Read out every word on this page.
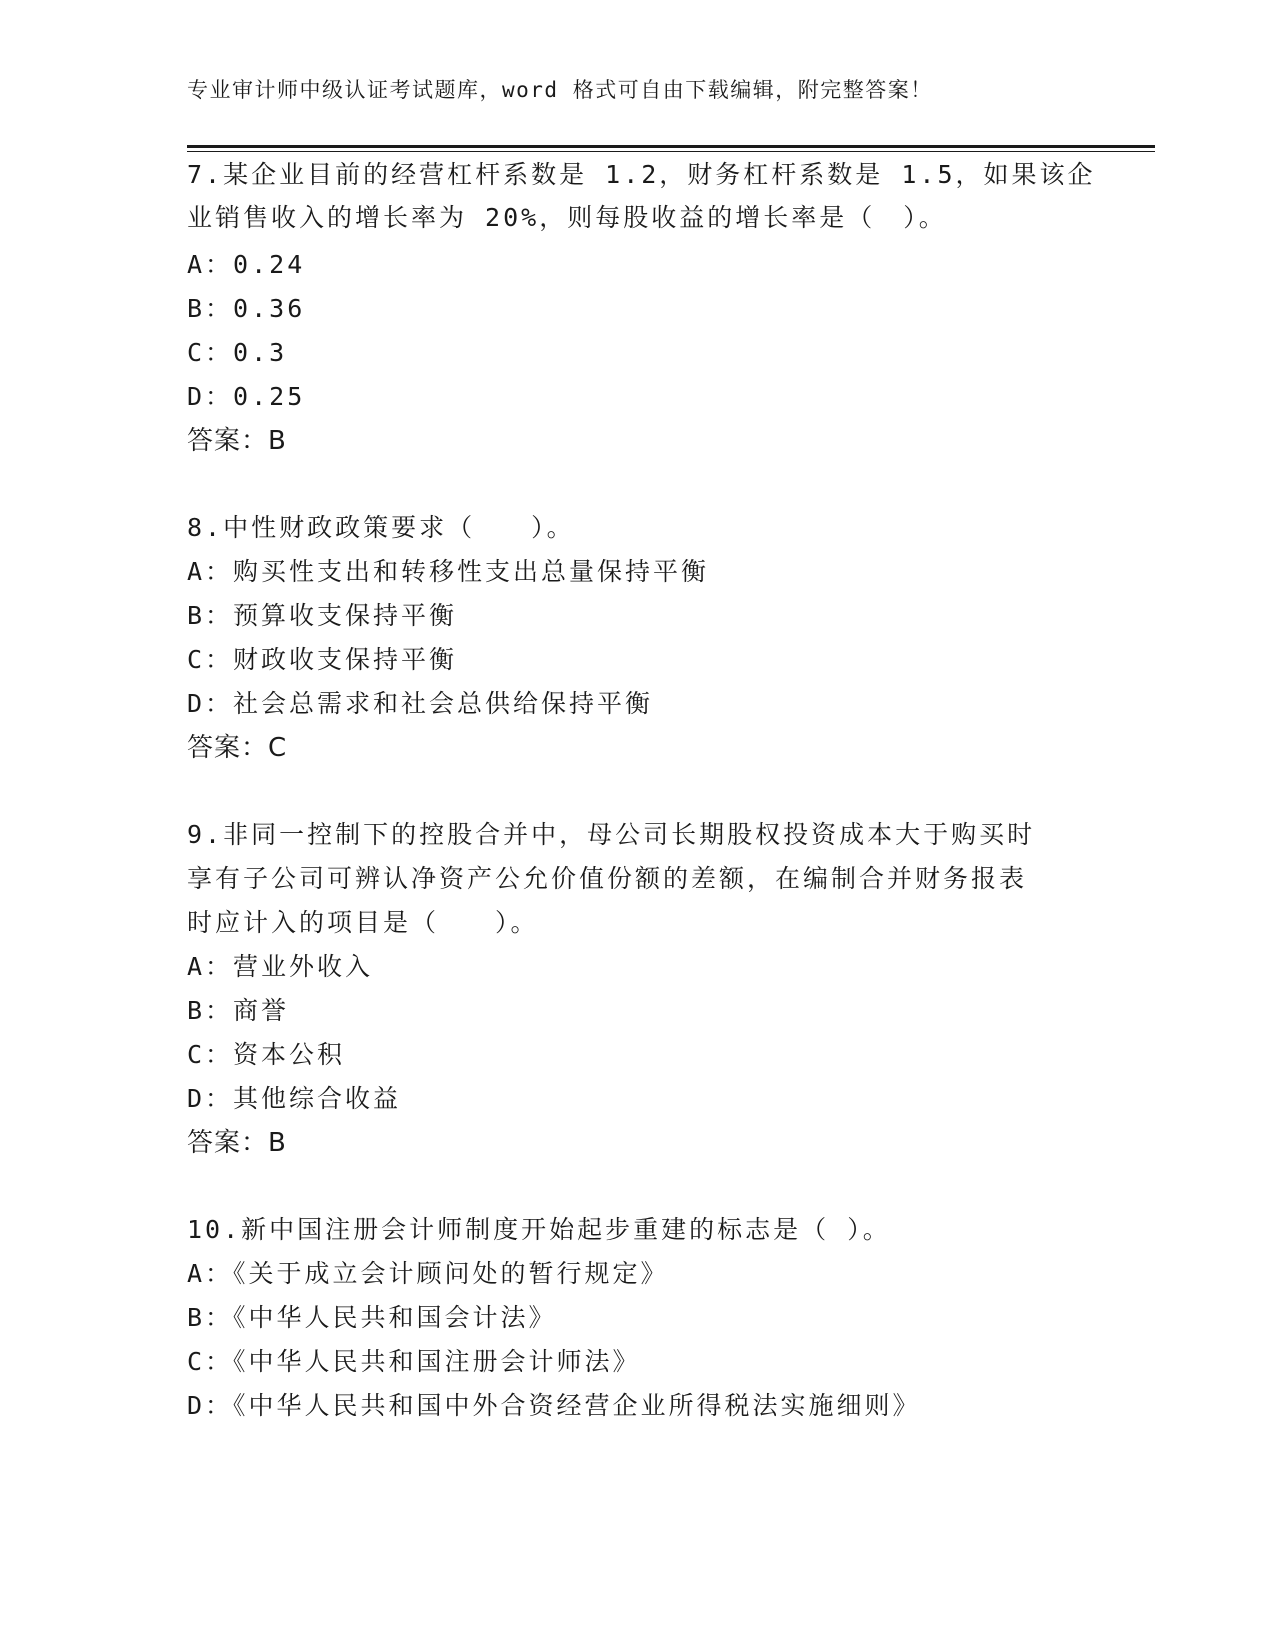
专业审计师中级认证考试题库，word 格式可自由下载编辑，附完整答案！
7.某企业目前的经营杠杆系数是 1.2，财务杠杆系数是 1.5，如果该企
业销售收入的增长率为 20%，则每股收益的增长率是（　）。
A：0.24
B：0.36
C：0.3
D：0.25
答案：B
8.中性财政政策要求（　　）。
A：购买性支出和转移性支出总量保持平衡
B：预算收支保持平衡
C：财政收支保持平衡
D：社会总需求和社会总供给保持平衡
答案：C
9.非同一控制下的控股合并中，母公司长期股权投资成本大于购买时
享有子公司可辨认净资产公允价值份额的差额，在编制合并财务报表
时应计入的项目是（　　）。
A：营业外收入
B：商誉
C：资本公积
D：其他综合收益
答案：B
10.新中国注册会计师制度开始起步重建的标志是（ ）。
A：《关于成立会计顾问处的暂行规定》
B：《中华人民共和国会计法》
C：《中华人民共和国注册会计师法》
D：《中华人民共和国中外合资经营企业所得税法实施细则》
